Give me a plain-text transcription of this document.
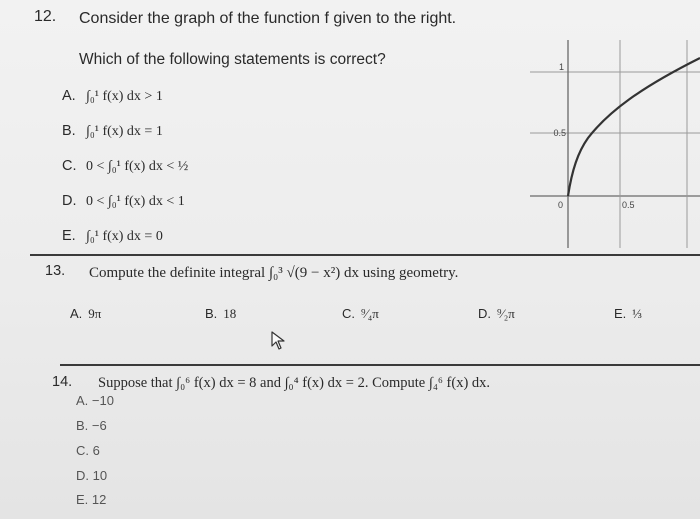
12. Consider the graph of the function f given to the right.
Which of the following statements is correct?
A. ∫₀¹ f(x) dx > 1
B. ∫₀¹ f(x) dx = 1
C. 0 < ∫₀¹ f(x) dx < ½
D. 0 < ∫₀¹ f(x) dx < 1
E. ∫₀¹ f(x) dx = 0
1
0.5
0	0.5
13. Compute the definite integral ∫₀³ √(9 − x²) dx using geometry.
A. 9π	B. 18	C. ⁹⁄₄π	D. ⁹⁄₂π	E. ⅓
14. Suppose that ∫₀⁶ f(x) dx = 8 and ∫₀⁴ f(x) dx = 2. Compute ∫₄⁶ f(x) dx.
A. −10
B. −6
C. 6
D. 10
E. 12
